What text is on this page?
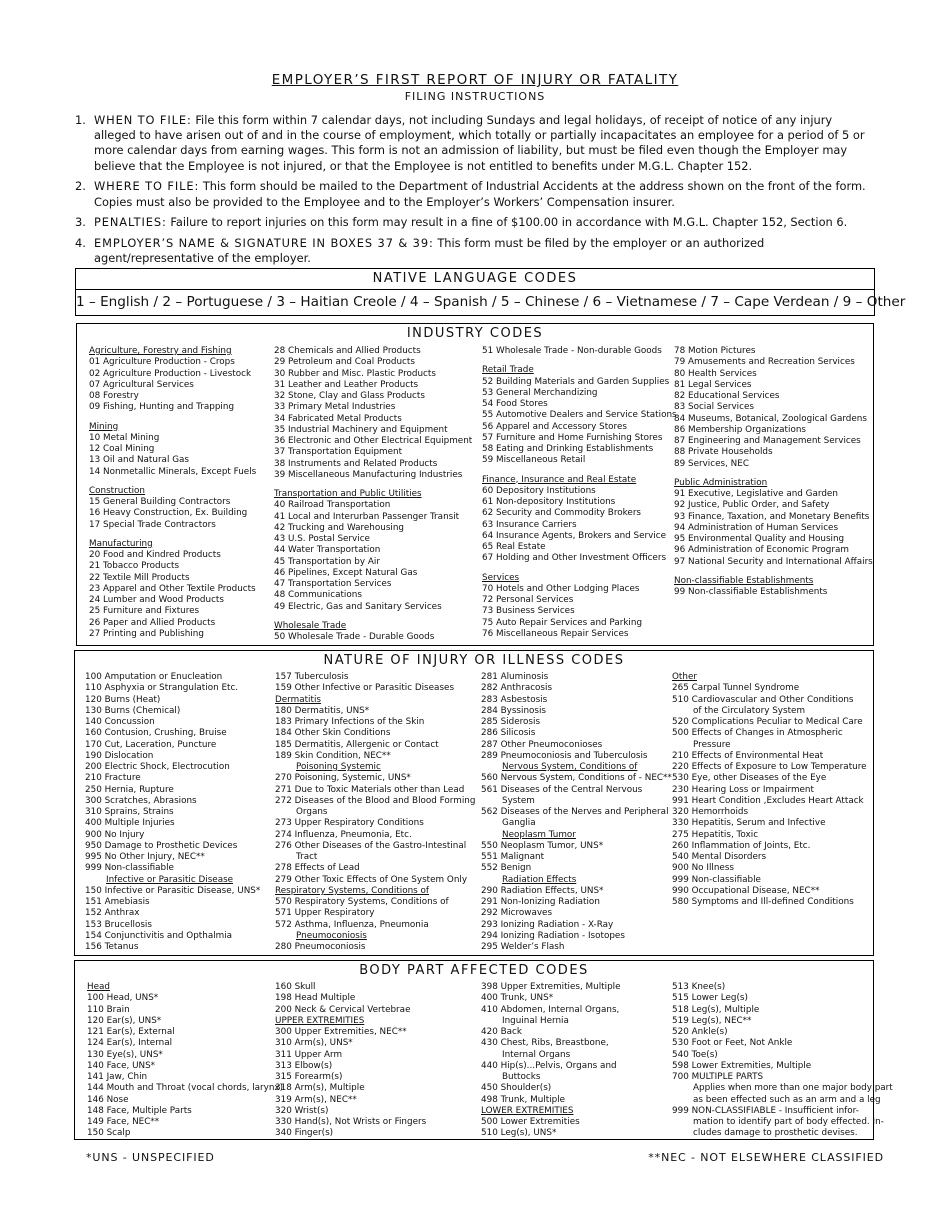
EMPLOYER’S FIRST REPORT OF INJURY OR FATALITY
FILING INSTRUCTIONS
1. WHEN TO FILE: File this form within 7 calendar days, not including Sundays and legal holidays, of receipt of notice of any injury alleged to have arisen out of and in the course of employment, which totally or partially incapacitates an employee for a period of 5 or more calendar days from earning wages. This form is not an admission of liability, but must be filed even though the Employer may believe that the Employee is not injured, or that the Employee is not entitled to benefits under M.G.L. Chapter 152.
2. WHERE TO FILE: This form should be mailed to the Department of Industrial Accidents at the address shown on the front of the form. Copies must also be provided to the Employee and to the Employer’s Workers’ Compensation insurer.
3. PENALTIES: Failure to report injuries on this form may result in a fine of $100.00 in accordance with M.G.L. Chapter 152, Section 6.
4. EMPLOYER’S NAME & SIGNATURE IN BOXES 37 & 39: This form must be filed by the employer or an authorized agent/representative of the employer.
NATIVE LANGUAGE CODES
1 – English / 2 – Portuguese / 3 – Haitian Creole / 4 – Spanish / 5 – Chinese / 6 – Vietnamese / 7 – Cape Verdean / 9 – Other
INDUSTRY CODES
Agriculture, Forestry and Fishing
01 Agriculture Production - Crops
02 Agriculture Production - Livestock
07 Agricultural Services
08 Forestry
09 Fishing, Hunting and Trapping
Mining
10 Metal Mining
12 Coal Mining
13 Oil and Natural Gas
14 Nonmetallic Minerals, Except Fuels
Construction
15 General Building Contractors
16 Heavy Construction, Ex. Building
17 Special Trade Contractors
Manufacturing
20 Food and Kindred Products
21 Tobacco Products
22 Textile Mill Products
23 Apparel and Other Textile Products
24 Lumber and Wood Products
25 Furniture and Fixtures
26 Paper and Allied Products
27 Printing and Publishing
28 Chemicals and Allied Products
29 Petroleum and Coal Products
30 Rubber and Misc. Plastic Products
31 Leather and Leather Products
32 Stone, Clay and Glass Products
33 Primary Metal Industries
34 Fabricated Metal Products
35 Industrial Machinery and Equipment
36 Electronic and Other Electrical Equipment
37 Transportation Equipment
38 Instruments and Related Products
39 Miscellaneous Manufacturing Industries
Transportation and Public Utilities
40 Railroad Transportation
41 Local and Interurban Passenger Transit
42 Trucking and Warehousing
43 U.S. Postal Service
44 Water Transportation
45 Transportation by Air
46 Pipelines, Except Natural Gas
47 Transportation Services
48 Communications
49 Electric, Gas and Sanitary Services
Wholesale Trade
50 Wholesale Trade - Durable Goods
51 Wholesale Trade - Non-durable Goods
Retail Trade
52 Building Materials and Garden Supplies
53 General Merchandizing
54 Food Stores
55 Automotive Dealers and Service Stations
56 Apparel and Accessory Stores
57 Furniture and Home Furnishing Stores
58 Eating and Drinking Establishments
59 Miscellaneous Retail
Finance, Insurance and Real Estate
60 Depository Institutions
61 Non-depository Institutions
62 Security and Commodity Brokers
63 Insurance Carriers
64 Insurance Agents, Brokers and Service
65 Real Estate
67 Holding and Other Investment Officers
Services
70 Hotels and Other Lodging Places
72 Personal Services
73 Business Services
75 Auto Repair Services and Parking
76 Miscellaneous Repair Services
78 Motion Pictures
79 Amusements and Recreation Services
80 Health Services
81 Legal Services
82 Educational Services
83 Social Services
84 Museums, Botanical, Zoological Gardens
86 Membership Organizations
87 Engineering and Management Services
88 Private Households
89 Services, NEC
Public Administration
91 Executive, Legislative and Garden
92 Justice, Public Order, and Safety
93 Finance, Taxation, and Monetary Benefits
94 Administration of Human Services
95 Environmental Quality and Housing
96 Administration of Economic Program
97 National Security and International Affairs
Non-classifiable Establishments
99 Non-classifiable Establishments
NATURE OF INJURY OR ILLNESS CODES
100 Amputation or Enucleation
110 Asphyxia or Strangulation Etc.
120 Burns (Heat)
130 Burns (Chemical)
140 Concussion
160 Contusion, Crushing, Bruise
170 Cut, Laceration, Puncture
190 Dislocation
200 Electric Shock, Electrocution
210 Fracture
250 Hernia, Rupture
300 Scratches, Abrasions
310 Sprains, Strains
400 Multiple Injuries
900 No Injury
950 Damage to Prosthetic Devices
995 No Other Injury, NEC**
999 Non-classifiable
Infective or Parasitic Disease
150 Infective or Parasitic Disease, UNS*
151 Amebiasis
152 Anthrax
153 Brucellosis
154 Conjunctivitis and Opthalmia
156 Tetanus
157 Tuberculosis
159 Other Infective or Parasitic Diseases
Dermatitis
180 Dermatitis, UNS*
183 Primary Infections of the Skin
184 Other Skin Conditions
185 Dermatitis, Allergenic or Contact
189 Skin Condition, NEC**
Poisoning Systemic
270 Poisoning, Systemic, UNS*
271 Due to Toxic Materials other than Lead
272 Diseases of the Blood and Blood Forming
Organs
273 Upper Respiratory Conditions
274 Influenza, Pneumonia, Etc.
276 Other Diseases of the Gastro-Intestinal
Tract
278 Effects of Lead
279 Other Toxic Effects of One System Only
Respiratory Systems, Conditions of
570 Respiratory Systems, Conditions of
571 Upper Respiratory
572 Asthma, Influenza, Pneumonia
Pneumoconiosis
280 Pneumoconiosis
281 Aluminosis
282 Anthracosis
283 Asbestosis
284 Byssinosis
285 Siderosis
286 Silicosis
287 Other Pneumoconioses
289 Pneumoconiosis and Tuberculosis
Nervous System, Conditions of
560 Nervous System, Conditions of - NEC**
561 Diseases of the Central Nervous
System
562 Diseases of the Nerves and Peripheral
Ganglia
Neoplasm Tumor
550 Neoplasm Tumor, UNS*
551 Malignant
552 Benign
Radiation Effects
290 Radiation Effects, UNS*
291 Non-Ionizing Radiation
292 Microwaves
293 Ionizing Radiation - X-Ray
294 Ionizing Radiation - Isotopes
295 Welder’s Flash
Other
265 Carpal Tunnel Syndrome
510 Cardiovascular and Other Conditions
of the Circulatory System
520 Complications Peculiar to Medical Care
500 Effects of Changes in Atmospheric
Pressure
210 Effects of Environmental Heat
220 Effects of Exposure to Low Temperature
530 Eye, other Diseases of the Eye
230 Hearing Loss or Impairment
991 Heart Condition ,Excludes Heart Attack
320 Hemorrhoids
330 Hepatitis, Serum and Infective
275 Hepatitis, Toxic
260 Inflammation of Joints, Etc.
540 Mental Disorders
900 No Illness
999 Non-classifiable
990 Occupational Disease, NEC**
580 Symptoms and Ill-defined Conditions
BODY PART AFFECTED CODES
Head
100 Head, UNS*
110 Brain
120 Ear(s), UNS*
121 Ear(s), External
124 Ear(s), Internal
130 Eye(s), UNS*
140 Face, UNS*
141 Jaw, Chin
144 Mouth and Throat (vocal chords, larynx)
146 Nose
148 Face, Multiple Parts
149 Face, NEC**
150 Scalp
160 Skull
198 Head Multiple
200 Neck & Cervical Vertebrae
UPPER EXTREMITIES
300 Upper Extremities, NEC**
310 Arm(s), UNS*
311 Upper Arm
313 Elbow(s)
315 Forearm(s)
318 Arm(s), Multiple
319 Arm(s), NEC**
320 Wrist(s)
330 Hand(s), Not Wrists or Fingers
340 Finger(s)
398 Upper Extremities, Multiple
400 Trunk, UNS*
410 Abdomen, Internal Organs,
Inguinal Hernia
420 Back
430 Chest, Ribs, Breastbone,
Internal Organs
440 Hip(s)...Pelvis, Organs and
Buttocks
450 Shoulder(s)
498 Trunk, Multiple
LOWER EXTREMITIES
500 Lower Extremities
510 Leg(s), UNS*
513 Knee(s)
515 Lower Leg(s)
518 Leg(s), Multiple
519 Leg(s), NEC**
520 Ankle(s)
530 Foot or Feet, Not Ankle
540 Toe(s)
598 Lower Extremities, Multiple
700 MULTIPLE PARTS
Applies when more than one major body part
as been effected such as an arm and a leg
999 NON-CLASSIFIABLE - Insufficient infor-
mation to identify part of body effected. In-
cludes damage to prosthetic devises.
*UNS - UNSPECIFIED	**NEC - NOT ELSEWHERE CLASSIFIED
